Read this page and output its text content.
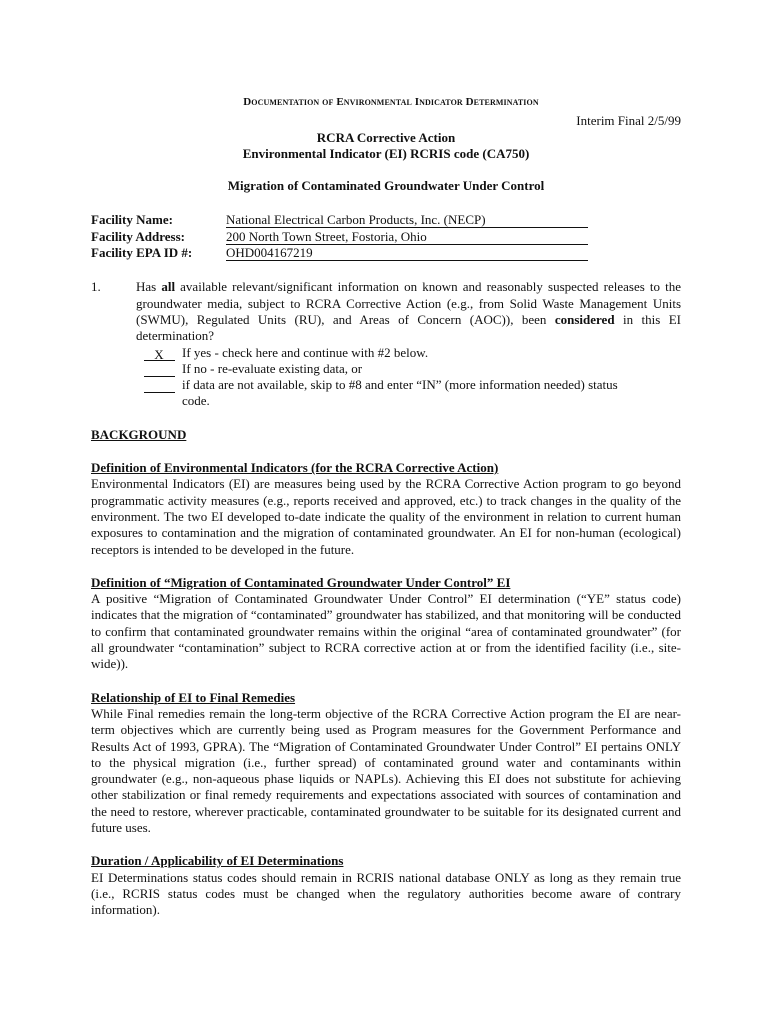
Documentation of Environmental Indicator Determination
Interim Final 2/5/99
RCRA Corrective Action
Environmental Indicator (EI) RCRIS code (CA750)
Migration of Contaminated Groundwater Under Control
Facility Name:	National Electrical Carbon Products, Inc. (NECP)
Facility Address:	200 North Town Street, Fostoria, Ohio
Facility EPA ID #:	OHD004167219
1.	Has all available relevant/significant information on known and reasonably suspected releases to the groundwater media, subject to RCRA Corrective Action (e.g., from Solid Waste Management Units (SWMU), Regulated Units (RU), and Areas of Concern (AOC)), been considered in this EI determination?
X	If yes - check here and continue with #2 below.
If no - re-evaluate existing data, or
if data are not available, skip to #8 and enter “IN” (more information needed) status code.
BACKGROUND
Definition of Environmental Indicators (for the RCRA Corrective Action)
Environmental Indicators (EI) are measures being used by the RCRA Corrective Action program to go beyond programmatic activity measures (e.g., reports received and approved, etc.) to track changes in the quality of the environment. The two EI developed to-date indicate the quality of the environment in relation to current human exposures to contamination and the migration of contaminated groundwater. An EI for non-human (ecological) receptors is intended to be developed in the future.
Definition of “Migration of Contaminated Groundwater Under Control” EI
A positive “Migration of Contaminated Groundwater Under Control” EI determination (“YE” status code) indicates that the migration of “contaminated” groundwater has stabilized, and that monitoring will be conducted to confirm that contaminated groundwater remains within the original “area of contaminated groundwater” (for all groundwater “contamination” subject to RCRA corrective action at or from the identified facility (i.e., site-wide)).
Relationship of EI to Final Remedies
While Final remedies remain the long-term objective of the RCRA Corrective Action program the EI are near-term objectives which are currently being used as Program measures for the Government Performance and Results Act of 1993, GPRA). The “Migration of Contaminated Groundwater Under Control” EI pertains ONLY to the physical migration (i.e., further spread) of contaminated ground water and contaminants within groundwater (e.g., non-aqueous phase liquids or NAPLs). Achieving this EI does not substitute for achieving other stabilization or final remedy requirements and expectations associated with sources of contamination and the need to restore, wherever practicable, contaminated groundwater to be suitable for its designated current and future uses.
Duration / Applicability of EI Determinations
EI Determinations status codes should remain in RCRIS national database ONLY as long as they remain true (i.e., RCRIS status codes must be changed when the regulatory authorities become aware of contrary information).
